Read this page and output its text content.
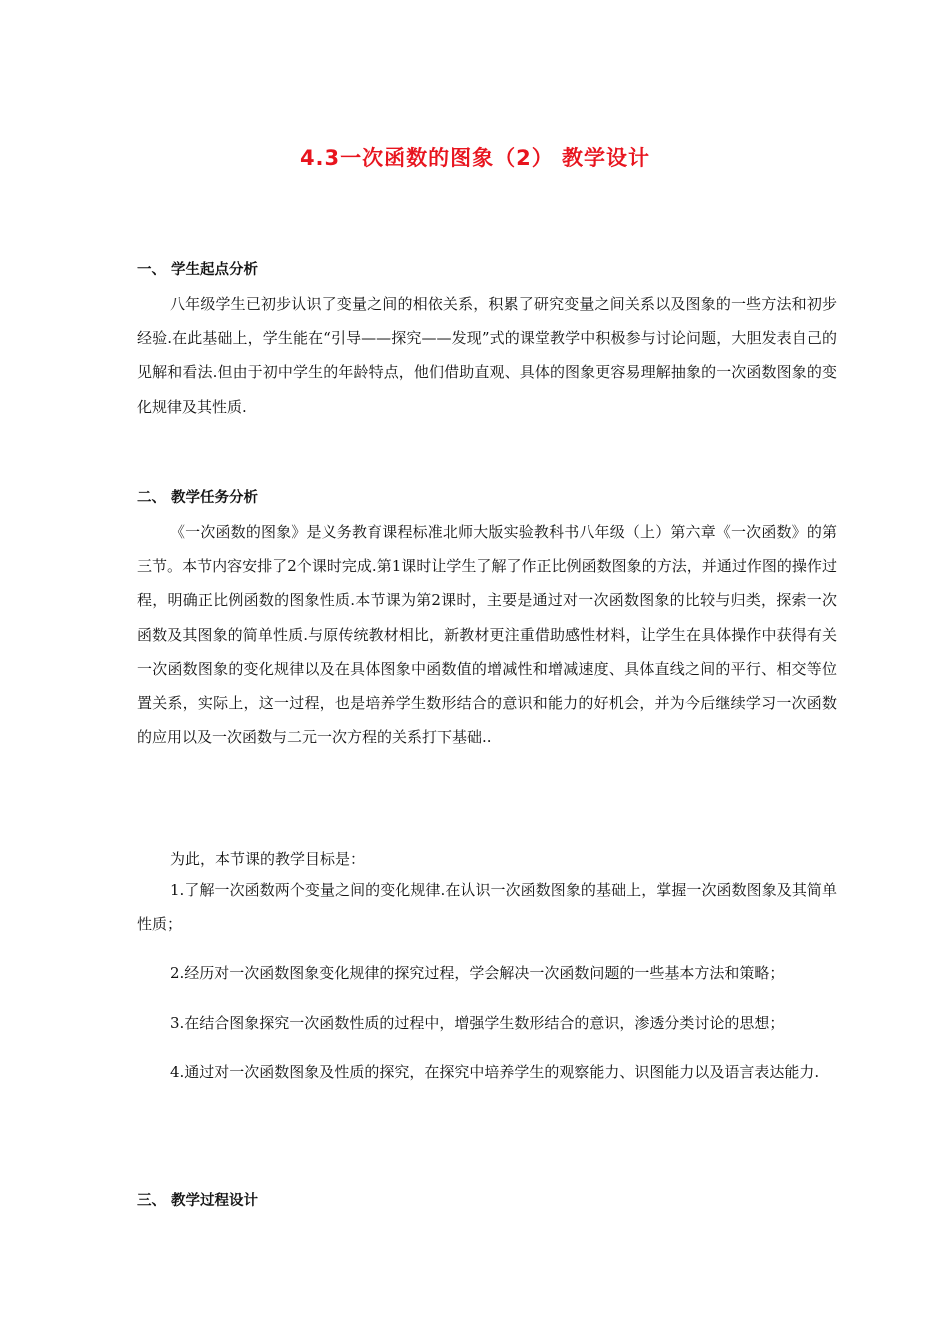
4.3一次函数的图象（2） 教学设计
一、 学生起点分析
八年级学生已初步认识了变量之间的相依关系，积累了研究变量之间关系以及图象的一些方法和初步经验.在此基础上，学生能在“引导——探究——发现”式的课堂教学中积极参与讨论问题，大胆发表自己的见解和看法.但由于初中学生的年龄特点，他们借助直观、具体的图象更容易理解抽象的一次函数图象的变化规律及其性质.
二、 教学任务分析
《一次函数的图象》是义务教育课程标准北师大版实验教科书八年级（上）第六章《一次函数》的第三节。本节内容安排了2个课时完成.第1课时让学生了解了作正比例函数图象的方法，并通过作图的操作过程，明确正比例函数的图象性质.本节课为第2课时，主要是通过对一次函数图象的比较与归类，探索一次函数及其图象的简单性质.与原传统教材相比，新教材更注重借助感性材料，让学生在具体操作中获得有关一次函数图象的变化规律以及在具体图象中函数值的增减性和增减速度、具体直线之间的平行、相交等位置关系，实际上，这一过程，也是培养学生数形结合的意识和能力的好机会，并为今后继续学习一次函数的应用以及一次函数与二元一次方程的关系打下基础..
为此，本节课的教学目标是：

1.了解一次函数两个变量之间的变化规律.在认识一次函数图象的基础上，掌握一次函数图象及其简单性质；

2.经历对一次函数图象变化规律的探究过程，学会解决一次函数问题的一些基本方法和策略；

3.在结合图象探究一次函数性质的过程中，增强学生数形结合的意识，渗透分类讨论的思想；

4.通过对一次函数图象及性质的探究，在探究中培养学生的观察能力、识图能力以及语言表达能力.

三、 教学过程设计
